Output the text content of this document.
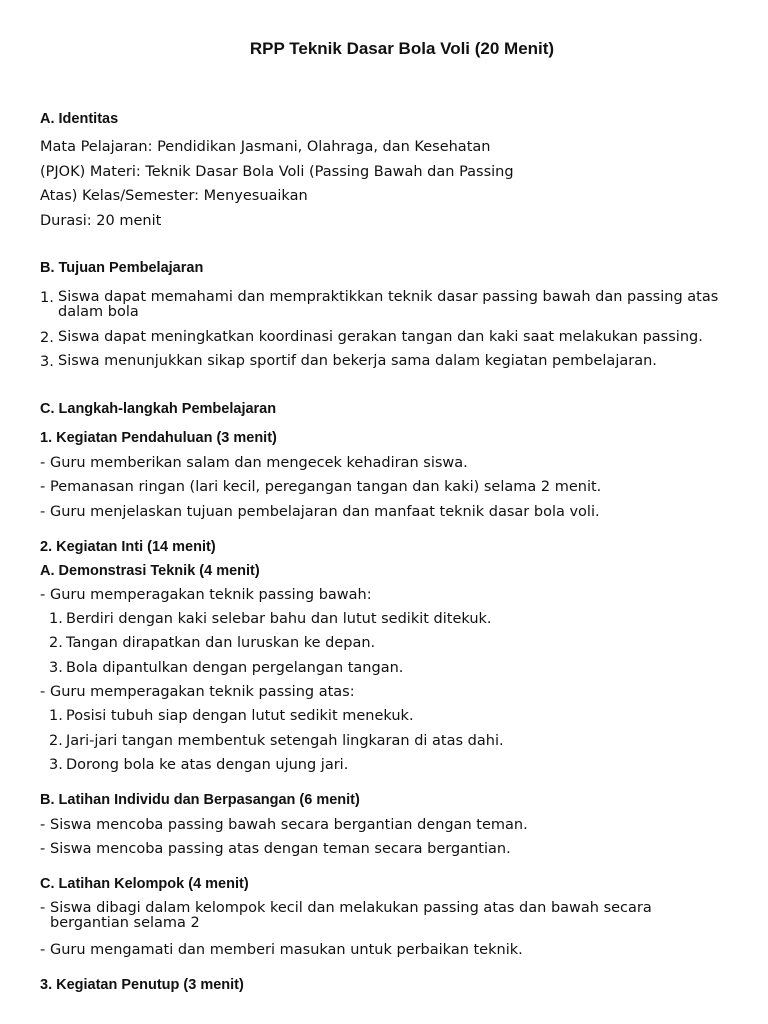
RPP Teknik Dasar Bola Voli (20 Menit)
A. Identitas
Mata Pelajaran: Pendidikan Jasmani, Olahraga, dan Kesehatan
(PJOK) Materi: Teknik Dasar Bola Voli (Passing Bawah dan Passing
Atas) Kelas/Semester: Menyesuaikan
Durasi: 20 menit
B. Tujuan Pembelajaran
1. Siswa dapat memahami dan mempraktikkan teknik dasar passing bawah dan passing atas dalam bola
2. Siswa dapat meningkatkan koordinasi gerakan tangan dan kaki saat melakukan passing.
3. Siswa menunjukkan sikap sportif dan bekerja sama dalam kegiatan pembelajaran.
C. Langkah-langkah Pembelajaran
1. Kegiatan Pendahuluan (3 menit)
- Guru memberikan salam dan mengecek kehadiran siswa.
- Pemanasan ringan (lari kecil, peregangan tangan dan kaki) selama 2 menit.
- Guru menjelaskan tujuan pembelajaran dan manfaat teknik dasar bola voli.
2. Kegiatan Inti (14 menit)
A. Demonstrasi Teknik (4 menit)
- Guru memperagakan teknik passing bawah:
1. Berdiri dengan kaki selebar bahu dan lutut sedikit ditekuk.
2. Tangan dirapatkan dan luruskan ke depan.
3. Bola dipantulkan dengan pergelangan tangan.
- Guru memperagakan teknik passing atas:
1. Posisi tubuh siap dengan lutut sedikit menekuk.
2. Jari-jari tangan membentuk setengah lingkaran di atas dahi.
3. Dorong bola ke atas dengan ujung jari.
B. Latihan Individu dan Berpasangan (6 menit)
- Siswa mencoba passing bawah secara bergantian dengan teman.
- Siswa mencoba passing atas dengan teman secara bergantian.
C. Latihan Kelompok (4 menit)
- Siswa dibagi dalam kelompok kecil dan melakukan passing atas dan bawah secara bergantian selama 2
- Guru mengamati dan memberi masukan untuk perbaikan teknik.
3. Kegiatan Penutup (3 menit)
